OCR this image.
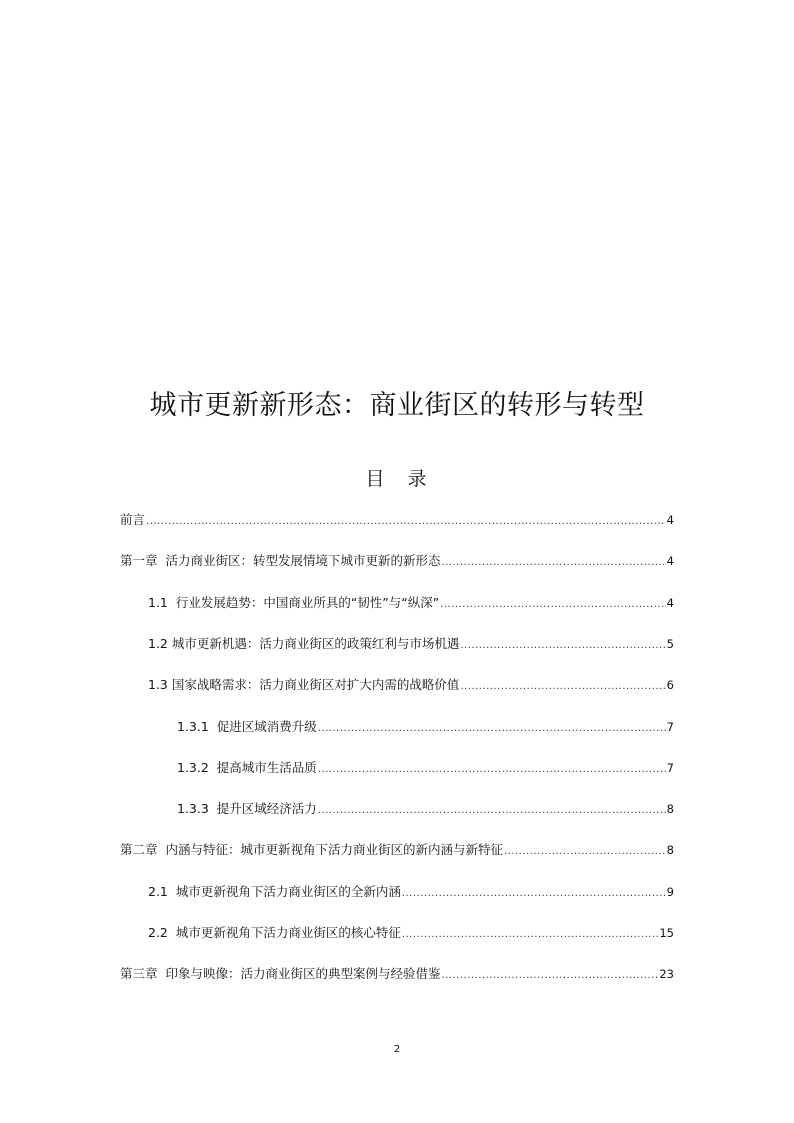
城市更新新形态：商业街区的转形与转型
目　录
前言 .....	4
第一章  活力商业街区：转型发展情境下城市更新的新形态 .....	4
1.1  行业发展趋势：中国商业所具的“韧性”与“纵深” .....	4
1.2 城市更新机遇：活力商业街区的政策红利与市场机遇 .....	5
1.3 国家战略需求：活力商业街区对扩大内需的战略价值 .....	6
1.3.1  促进区域消费升级 .....	7
1.3.2  提高城市生活品质 .....	7
1.3.3  提升区域经济活力 .....	8
第二章  内涵与特征：城市更新视角下活力商业街区的新内涵与新特征 .....	8
2.1  城市更新视角下活力商业街区的全新内涵 .....	9
2.2  城市更新视角下活力商业街区的核心特征 .....	15
第三章  印象与映像：活力商业街区的典型案例与经验借鉴 .....	23
2
